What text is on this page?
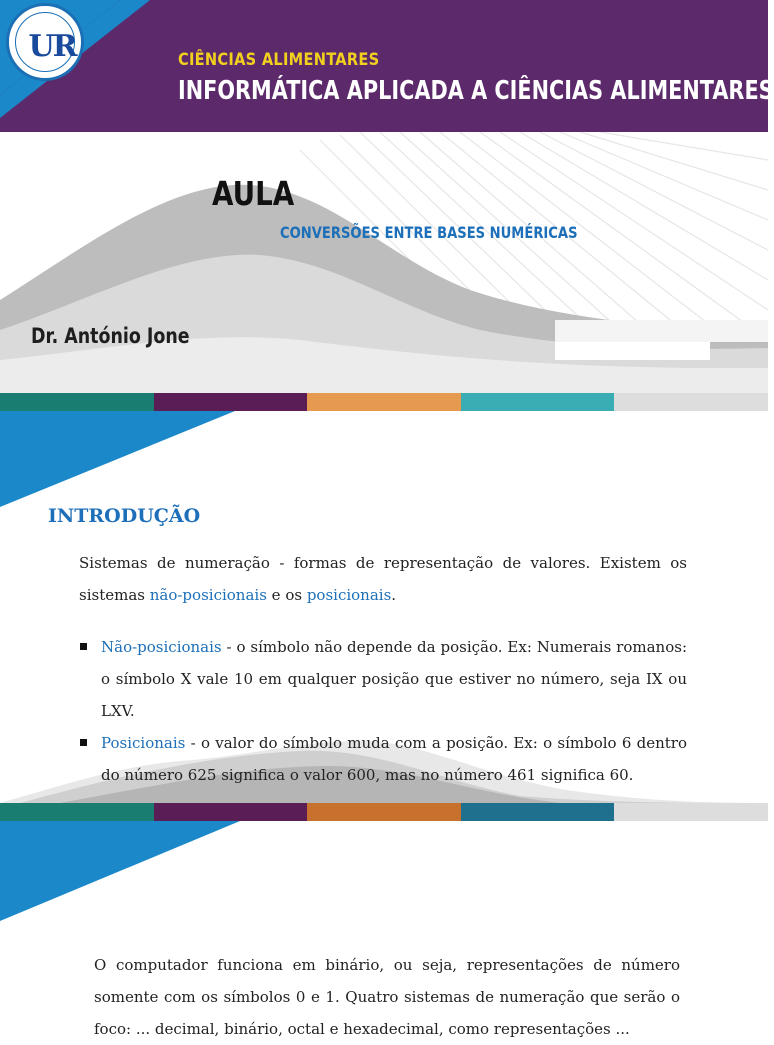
UR	CIÊNCIAS ALIMENTARES
INFORMÁTICA APLICADA A CIÊNCIAS ALIMENTARES
AULA
CONVERSÕES ENTRE BASES NUMÉRICAS
Dr. António Jone
INTRODUÇÃO
Sistemas de numeração - formas de representação de valores. Existem os sistemas não-posicionais e os posicionais.
Não-posicionais - o símbolo não depende da posição. Ex: Numerais romanos: o símbolo X vale 10 em qualquer posição que estiver no número, seja IX ou LXV.
Posicionais - o valor do símbolo muda com a posição. Ex: o símbolo 6 dentro do número 625 significa o valor 600, mas no número 461 significa 60.
O computador funciona em binário, ou seja, representações de número somente com os símbolos 0 e 1. Quatro sistemas de numeração que serão o foco: ... decimal, binário, octal e hexadecimal, como representações ...
